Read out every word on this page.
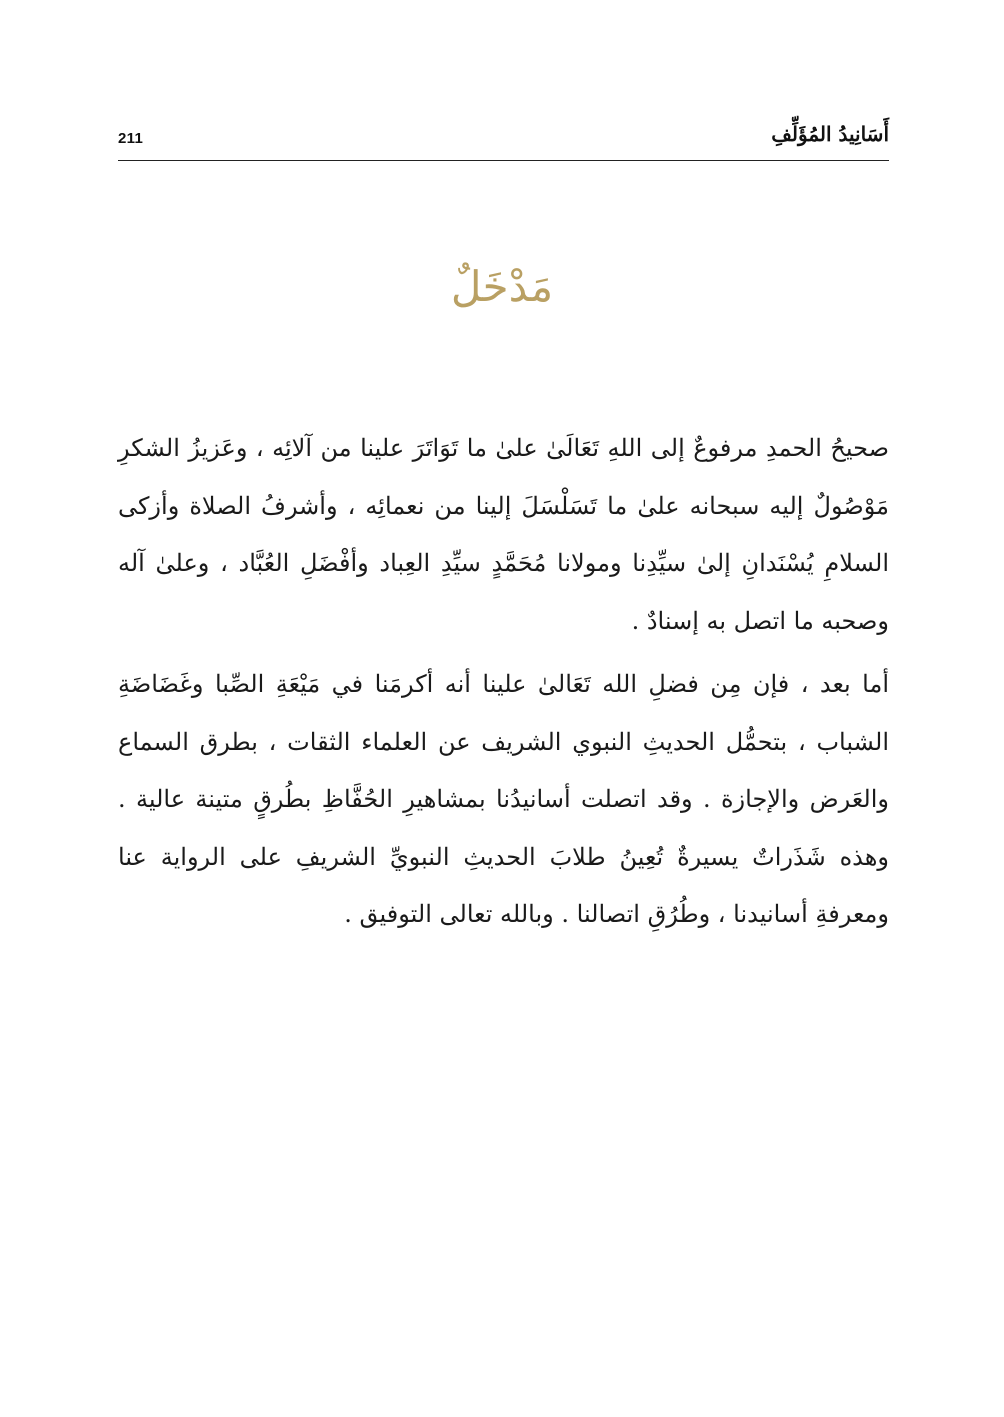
211	أَسَانِيدُ المُؤَلِّفِ
مَدْخَلٌ

صحيحُ الحمدِ مرفوعٌ إلى اللهِ تَعَالَىٰ علىٰ ما تَوَاتَرَ علينا من آلائِه ، وعَزيزُ الشكرِ مَوْصُولٌ إليه سبحانه علىٰ ما تَسَلْسَلَ إلينا من نعمائِه ، وأشرفُ الصلاة وأزكى السلامِ يُسْنَدانِ إلىٰ سيِّدِنا ومولانا مُحَمَّدٍ سيِّدِ العِباد وأفْضَلِ العُبَّاد ، وعلىٰ آله وصحبه ما اتصل به إسنادٌ .

أما بعد ، فإن مِن فضلِ الله تَعَالىٰ علينا أنه أكرمَنا في مَيْعَةِ الصِّبا وغَضَاضَةِ الشباب ، بتحمُّل الحديثِ النبوي الشريف عن العلماء الثقات ، بطرق السماع والعَرض والإجازة . وقد اتصلت أسانيدُنا بمشاهيرِ الحُفَّاظِ بطُرقٍ متينة عالية . وهذه شَذَراتٌ يسيرةٌ تُعِينُ طلابَ الحديثِ النبويِّ الشريفِ على الرواية عنا ومعرفةِ أسانيدنا ، وطُرُقِ اتصالنا . وبالله تعالى التوفيق .
